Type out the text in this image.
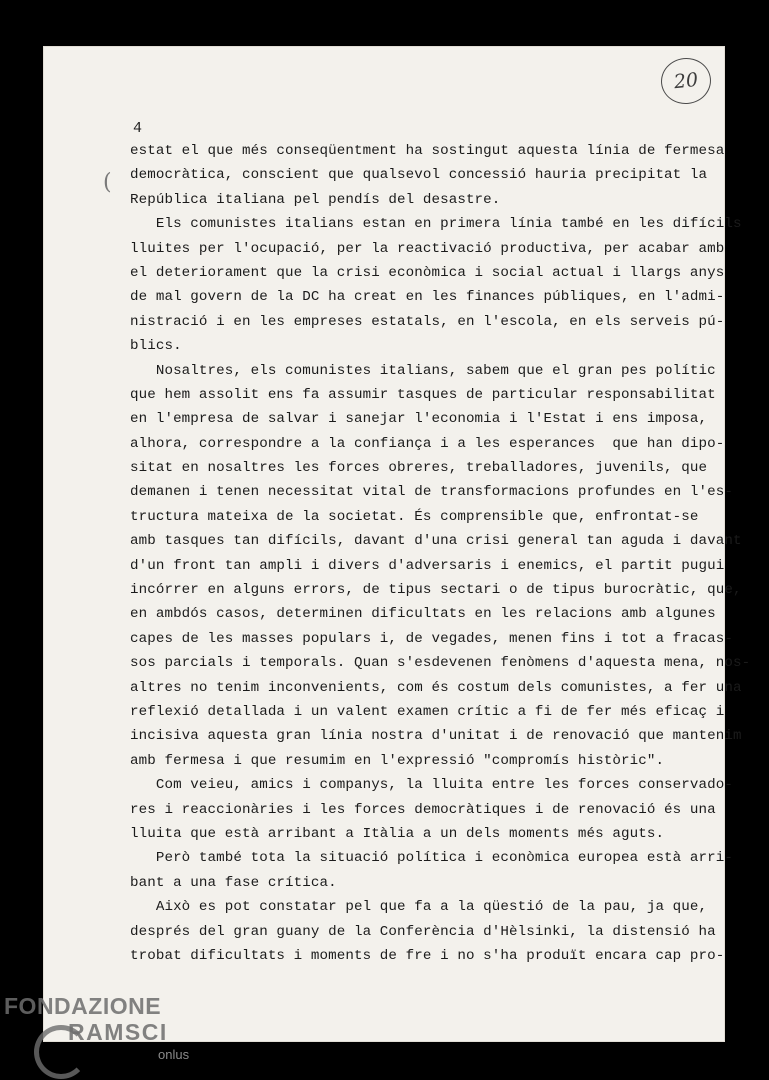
20
(
4
estat el que més conseqüentment ha sostingut aquesta línia de fermesa
democràtica, conscient que qualsevol concessió hauria precipitat la
República italiana pel pendís del desastre.
Els comunistes italians estan en primera línia també en les difícils
lluites per l'ocupació, per la reactivació productiva, per acabar amb
el deteriorament que la crisi econòmica i social actual i llargs anys
de mal govern de la DC ha creat en les finances públiques, en l'admi-
nistració i en les empreses estatals, en l'escola, en els serveis pú-
blics.
Nosaltres, els comunistes italians, sabem que el gran pes polític
que hem assolit ens fa assumir tasques de particular responsabilitat
en l'empresa de salvar i sanejar l'economia i l'Estat i ens imposa,
alhora, correspondre a la confiança i a les esperances  que han dipo-
sitat en nosaltres les forces obreres, treballadores, juvenils, que
demanen i tenen necessitat vital de transformacions profundes en l'es-
tructura mateixa de la societat. És comprensible que, enfrontat-se
amb tasques tan difícils, davant d'una crisi general tan aguda i davant
d'un front tan ampli i divers d'adversaris i enemics, el partit pugui
incórrer en alguns errors, de tipus sectari o de tipus burocràtic, que,
en ambdós casos, determinen dificultats en les relacions amb algunes
capes de les masses populars i, de vegades, menen fins i tot a fracas-
sos parcials i temporals. Quan s'esdevenen fenòmens d'aquesta mena, nos-
altres no tenim inconvenients, com és costum dels comunistes, a fer una
reflexió detallada i un valent examen crític a fi de fer més eficaç i
incisiva aquesta gran línia nostra d'unitat i de renovació que mantenim
amb fermesa i que resumim en l'expressió "compromís històric".
Com veieu, amics i companys, la lluita entre les forces conservado-
res i reaccionàries i les forces democràtiques i de renovació és una
lluita que està arribant a Itàlia a un dels moments més aguts.
Però també tota la situació política i econòmica europea està arri-
bant a una fase crítica.
Això es pot constatar pel que fa a la qüestió de la pau, ja que,
després del gran guany de la Conferència d'Hèlsinki, la distensió ha
trobat dificultats i moments de fre i no s'ha produït encara cap pro-
FONDAZIONE
RAMSCI
onlus
